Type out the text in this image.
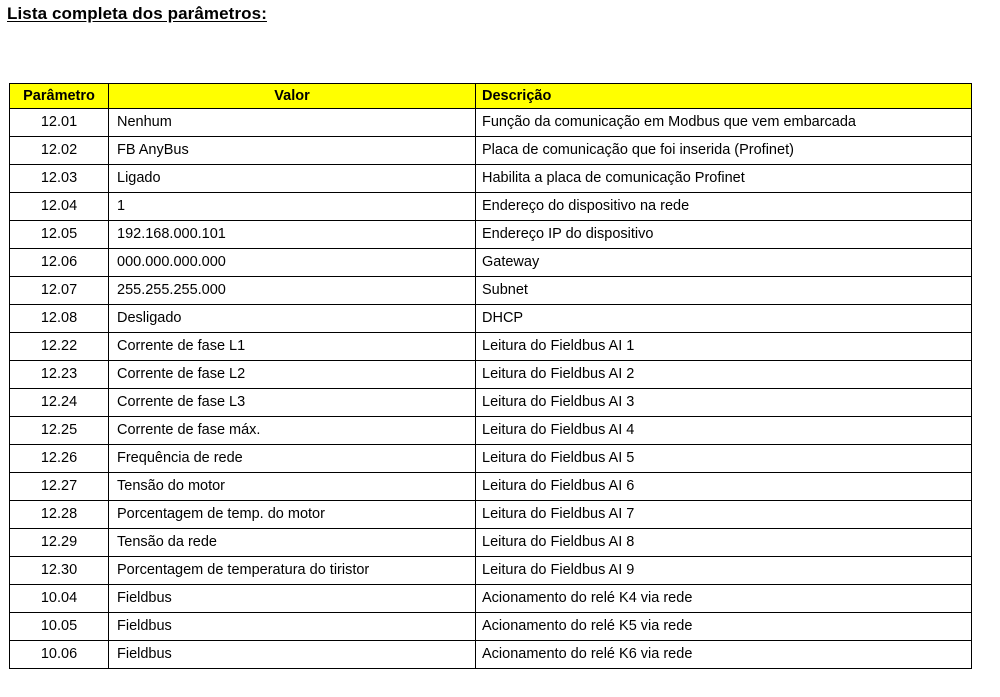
Lista completa dos parâmetros:
Parâmetro	Valor	Descrição
12.01	Nenhum	Função da comunicação em Modbus que vem embarcada
12.02	FB AnyBus	Placa de comunicação que foi inserida (Profinet)
12.03	Ligado	Habilita a placa de comunicação Profinet
12.04	1	Endereço do dispositivo na rede
12.05	192.168.000.101	Endereço IP do dispositivo
12.06	000.000.000.000	Gateway
12.07	255.255.255.000	Subnet
12.08	Desligado	DHCP
12.22	Corrente de fase L1	Leitura do Fieldbus AI 1
12.23	Corrente de fase L2	Leitura do Fieldbus AI 2
12.24	Corrente de fase L3	Leitura do Fieldbus AI 3
12.25	Corrente de fase máx.	Leitura do Fieldbus AI 4
12.26	Frequência de rede	Leitura do Fieldbus AI 5
12.27	Tensão do motor	Leitura do Fieldbus AI 6
12.28	Porcentagem de temp. do motor	Leitura do Fieldbus AI 7
12.29	Tensão da rede	Leitura do Fieldbus AI 8
12.30	Porcentagem de temperatura do tiristor	Leitura do Fieldbus AI 9
10.04	Fieldbus	Acionamento do relé K4 via rede
10.05	Fieldbus	Acionamento do relé K5 via rede
10.06	Fieldbus	Acionamento do relé K6 via rede
